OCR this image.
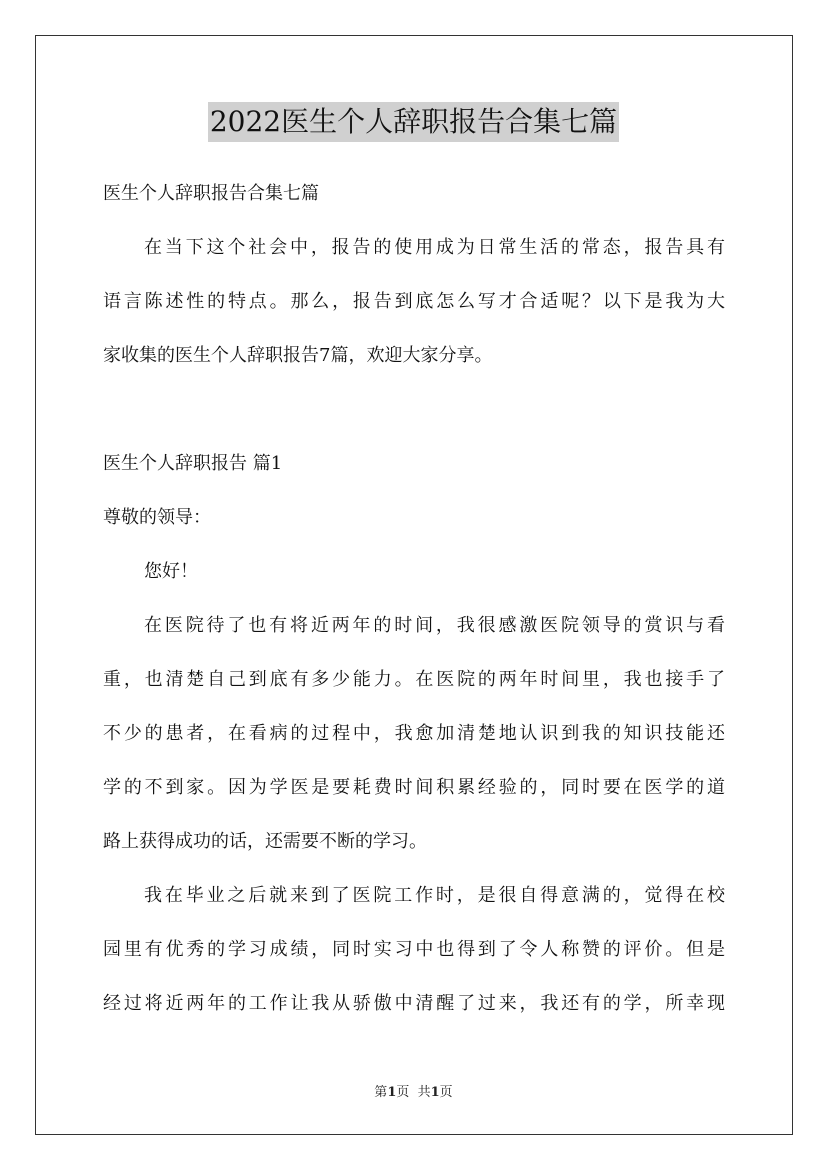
2022医生个人辞职报告合集七篇
医生个人辞职报告合集七篇
在当下这个社会中，报告的使用成为日常生活的常态，报告具有
语言陈述性的特点。那么，报告到底怎么写才合适呢？以下是我为大
家收集的医生个人辞职报告7篇，欢迎大家分享。
医生个人辞职报告 篇1
尊敬的领导：
您好！
在医院待了也有将近两年的时间，我很感激医院领导的赏识与看
重，也清楚自己到底有多少能力。在医院的两年时间里，我也接手了
不少的患者，在看病的过程中，我愈加清楚地认识到我的知识技能还
学的不到家。因为学医是要耗费时间积累经验的，同时要在医学的道
路上获得成功的话，还需要不断的学习。
我在毕业之后就来到了医院工作时，是很自得意满的，觉得在校
园里有优秀的学习成绩，同时实习中也得到了令人称赞的评价。但是
经过将近两年的工作让我从骄傲中清醒了过来，我还有的学，所幸现
第1页  共1页
